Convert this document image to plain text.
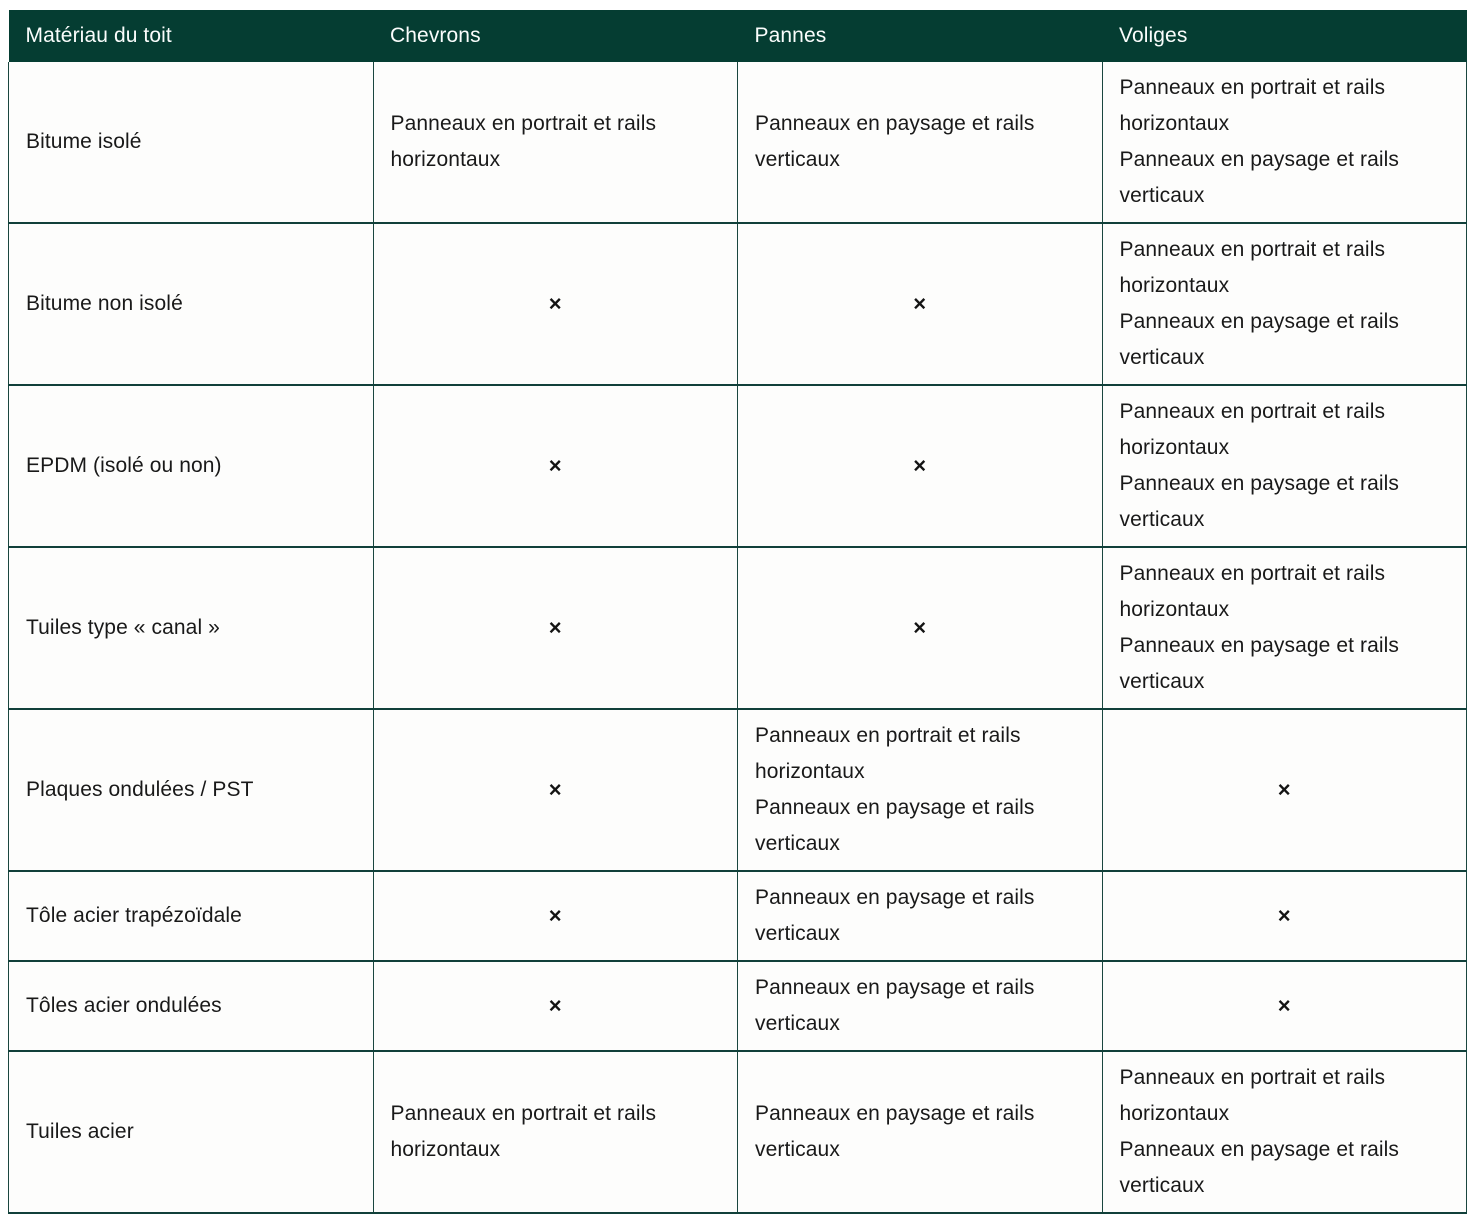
Matériau du toit	Chevrons	Pannes	Voliges
Bitume isolé	Panneaux en portrait et rails horizontaux	Panneaux en paysage et rails verticaux	Panneaux en portrait et rails horizontaux
Panneaux en paysage et rails verticaux

Bitume non isolé	×	×	Panneaux en portrait et rails horizontaux
Panneaux en paysage et rails verticaux

EPDM (isolé ou non)	×	×	Panneaux en portrait et rails horizontaux
Panneaux en paysage et rails verticaux

Tuiles type « canal »	×	×	Panneaux en portrait et rails horizontaux
Panneaux en paysage et rails verticaux

Plaques ondulées / PST	×	Panneaux en portrait et rails horizontaux
Panneaux en paysage et rails verticaux	×
Tôle acier trapézoïdale	×	Panneaux en paysage et rails verticaux	×
Tôles acier ondulées	×	Panneaux en paysage et rails verticaux	×
Tuiles acier	Panneaux en portrait et rails horizontaux	Panneaux en paysage et rails verticaux	Panneaux en portrait et rails horizontaux
Panneaux en paysage et rails verticaux
